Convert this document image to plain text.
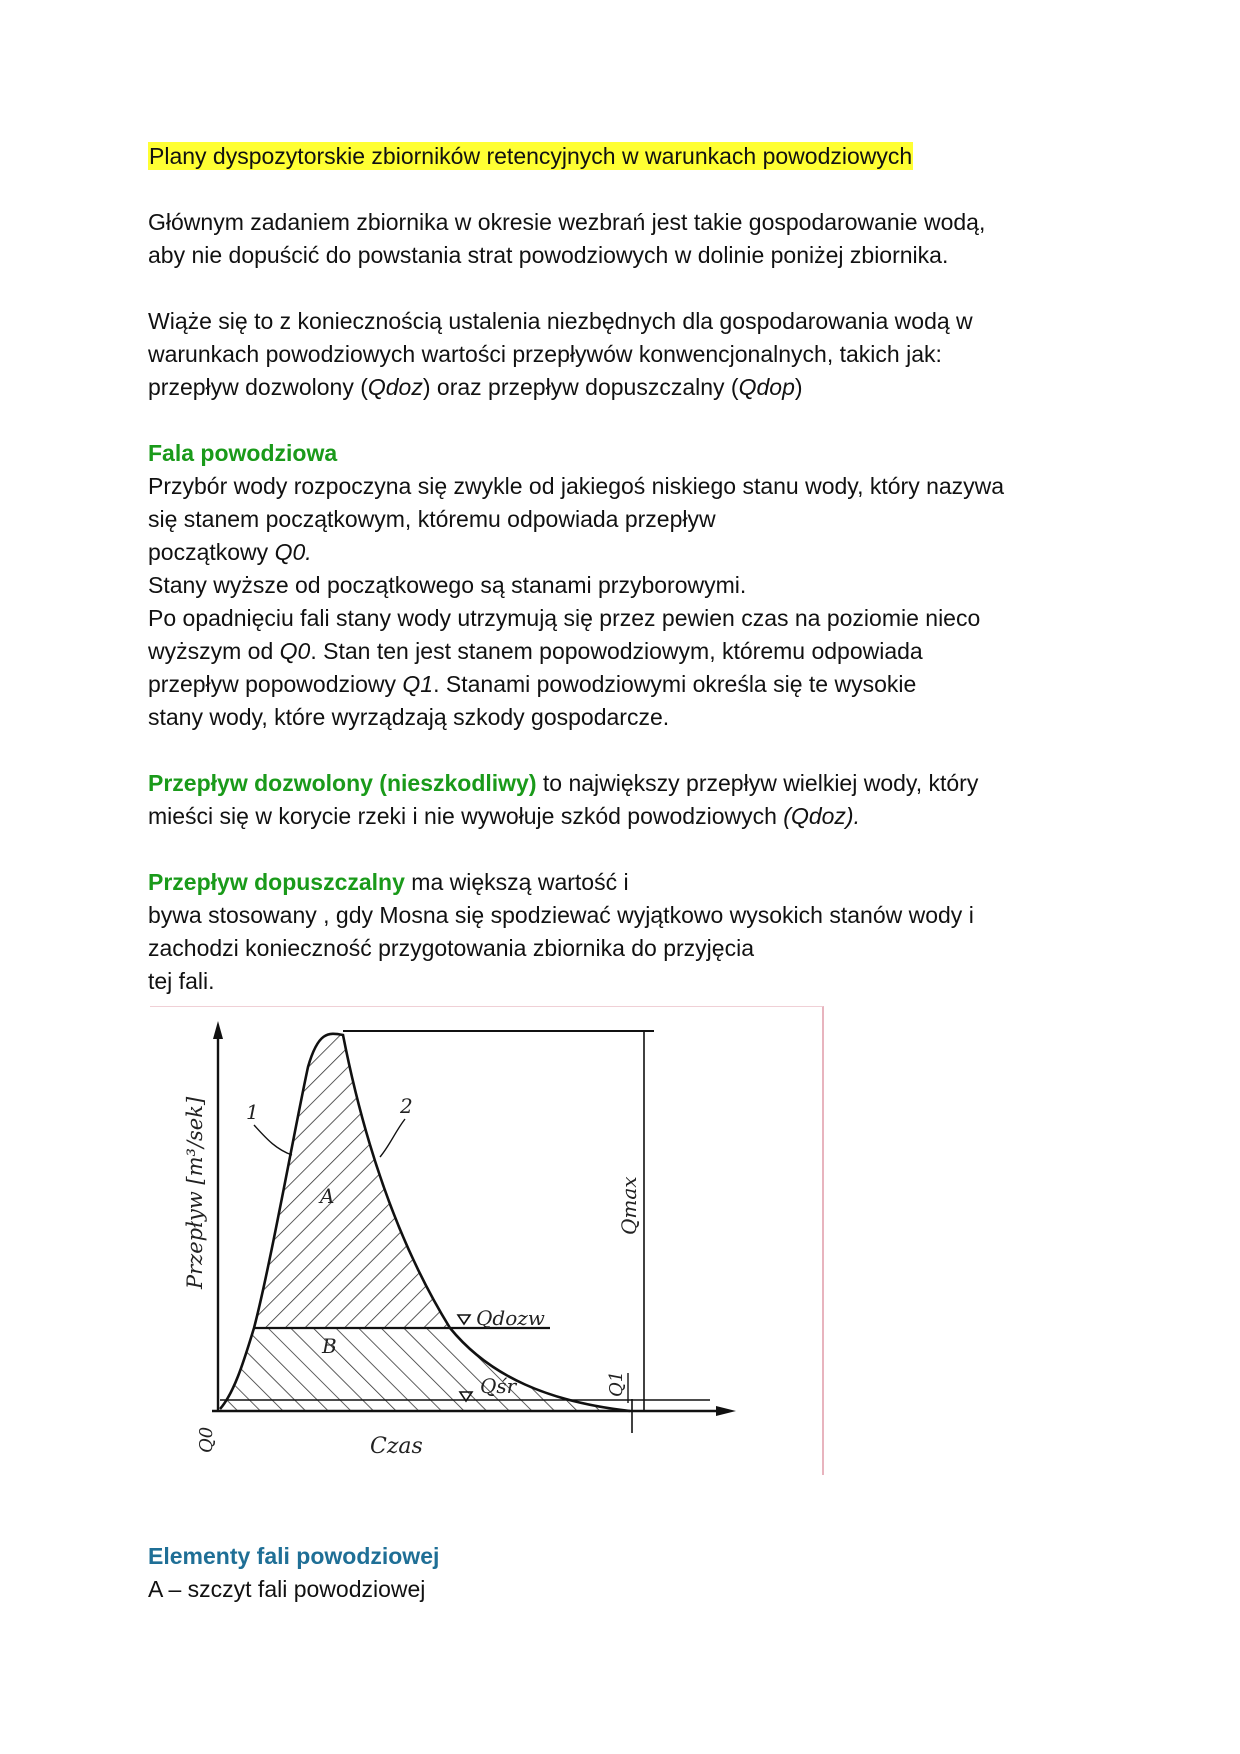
Plany dyspozytorskie zbiorników retencyjnych w warunkach powodziowych
Głównym zadaniem zbiornika w okresie wezbrań jest takie gospodarowanie wodą,
aby nie dopuścić do powstania strat powodziowych w dolinie poniżej zbiornika.
Wiąże się to z koniecznością ustalenia niezbędnych dla gospodarowania wodą w
warunkach powodziowych wartości przepływów konwencjonalnych, takich jak:
przepływ dozwolony (Qdoz) oraz przepływ dopuszczalny (Qdop)
Fala powodziowa
Przybór wody rozpoczyna się zwykle od jakiegoś niskiego stanu wody, który nazywa
się stanem początkowym, któremu odpowiada przepływ
początkowy Q0.
Stany wyższe od początkowego są stanami przyborowymi.
Po opadnięciu fali stany wody utrzymują się przez pewien czas na poziomie nieco
wyższym od Q0. Stan ten jest stanem popowodziowym, któremu odpowiada
przepływ popowodziowy Q1. Stanami powodziowymi określa się te wysokie
stany wody, które wyrządzają szkody gospodarcze.
Przepływ dozwolony (nieszkodliwy) to największy przepływ wielkiej wody, który
mieści się w korycie rzeki i nie wywołuje szkód powodziowych (Qdoz).
Przepływ dopuszczalny ma większą wartość i
bywa stosowany , gdy Mosna się spodziewać wyjątkowo wysokich stanów wody i
zachodzi konieczność przygotowania zbiornika do przyjęcia
tej fali.
1	2
A
B
Qdozw
Qśr
Qmax
Q1
Q0	Czas
Przepływ [m³/sek]
Elementy fali powodziowej
A – szczyt fali powodziowej
